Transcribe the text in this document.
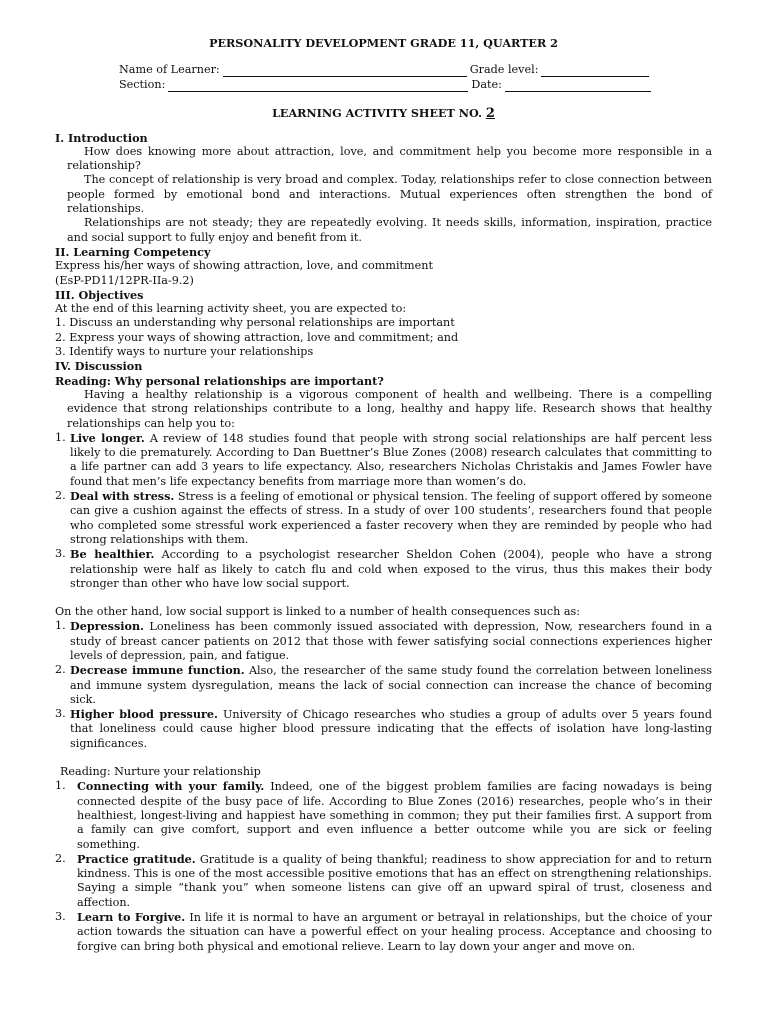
PERSONALITY DEVELOPMENT GRADE 11, QUARTER 2
Name of Learner:	Grade level:
Section:	Date:
LEARNING ACTIVITY SHEET NO. 2
I. Introduction

How does knowing more about attraction, love, and commitment help you become more responsible in a relationship?

The concept of relationship is very broad and complex. Today, relationships refer to close connection between people formed by emotional bond and interactions. Mutual experiences often strengthen the bond of relationships.

Relationships are not steady; they are repeatedly evolving. It needs skills, information, inspiration, practice and social support to fully enjoy and benefit from it.

II. Learning Competency

Express his/her ways of showing attraction, love, and commitment

(EsP-PD11/12PR-IIa-9.2)

III. Objectives

At the end of this learning activity sheet, you are expected to:

1. Discuss an understanding why personal relationships are important

2. Express your ways of showing attraction, love and commitment; and

3. Identify ways to nurture your relationships

IV. Discussion
Reading: Why personal relationships are important?

Having a healthy relationship is a vigorous component of health and wellbeing. There is a compelling evidence that strong relationships contribute to a long, healthy and happy life. Research shows that healthy relationships can help you to:

1. Live longer. A review of 148 studies found that people with strong social relationships are half percent less likely to die prematurely. According to Dan Buettner’s Blue Zones (2008) research calculates that committing to a life partner can add 3 years to life expectancy. Also, researchers Nicholas Christakis and James Fowler have found that men’s life expectancy benefits from marriage more than women’s do.
2. Deal with stress. Stress is a feeling of emotional or physical tension. The feeling of support offered by someone can give a cushion against the effects of stress. In a study of over 100 students’, researchers found that people who completed some stressful work experienced a faster recovery when they are reminded by people who had strong relationships with them.
3. Be healthier. According to a psychologist researcher Sheldon Cohen (2004), people who have a strong relationship were half as likely to catch flu and cold when exposed to the virus, thus this makes their body stronger than other who have low social support.

On the other hand, low social support is linked to a number of health consequences such as:

1. Depression. Loneliness has been commonly issued associated with depression, Now, researchers found in a study of breast cancer patients on 2012 that those with fewer satisfying social connections experiences higher levels of depression, pain, and fatigue.
2. Decrease immune function. Also, the researcher of the same study found the correlation between loneliness and immune system dysregulation, means the lack of social connection can increase the chance of becoming sick.
3. Higher blood pressure. University of Chicago researches who studies a group of adults over 5 years found that loneliness could cause higher blood pressure indicating that the effects of isolation have long-lasting significances.

Reading: Nurture your relationship

1.	Connecting with your family. Indeed, one of the biggest problem families are facing nowadays is being connected despite of the busy pace of life. According to Blue Zones (2016) researches, people who’s in their healthiest, longest-living and happiest have something in common; they put their families first. A support from a family can give comfort, support and even influence a better outcome while you are sick or feeling something.
2.	Practice gratitude. Gratitude is a quality of being thankful; readiness to show appreciation for and to return kindness. This is one of the most accessible positive emotions that has an effect on strengthening relationships. Saying a simple “thank you” when someone listens can give off an upward spiral of trust, closeness and affection.
3.	Learn to Forgive. In life it is normal to have an argument or betrayal in relationships, but the choice of your action towards the situation can have a powerful effect on your healing process. Acceptance and choosing to forgive can bring both physical and emotional relieve. Learn to lay down your anger and move on.
